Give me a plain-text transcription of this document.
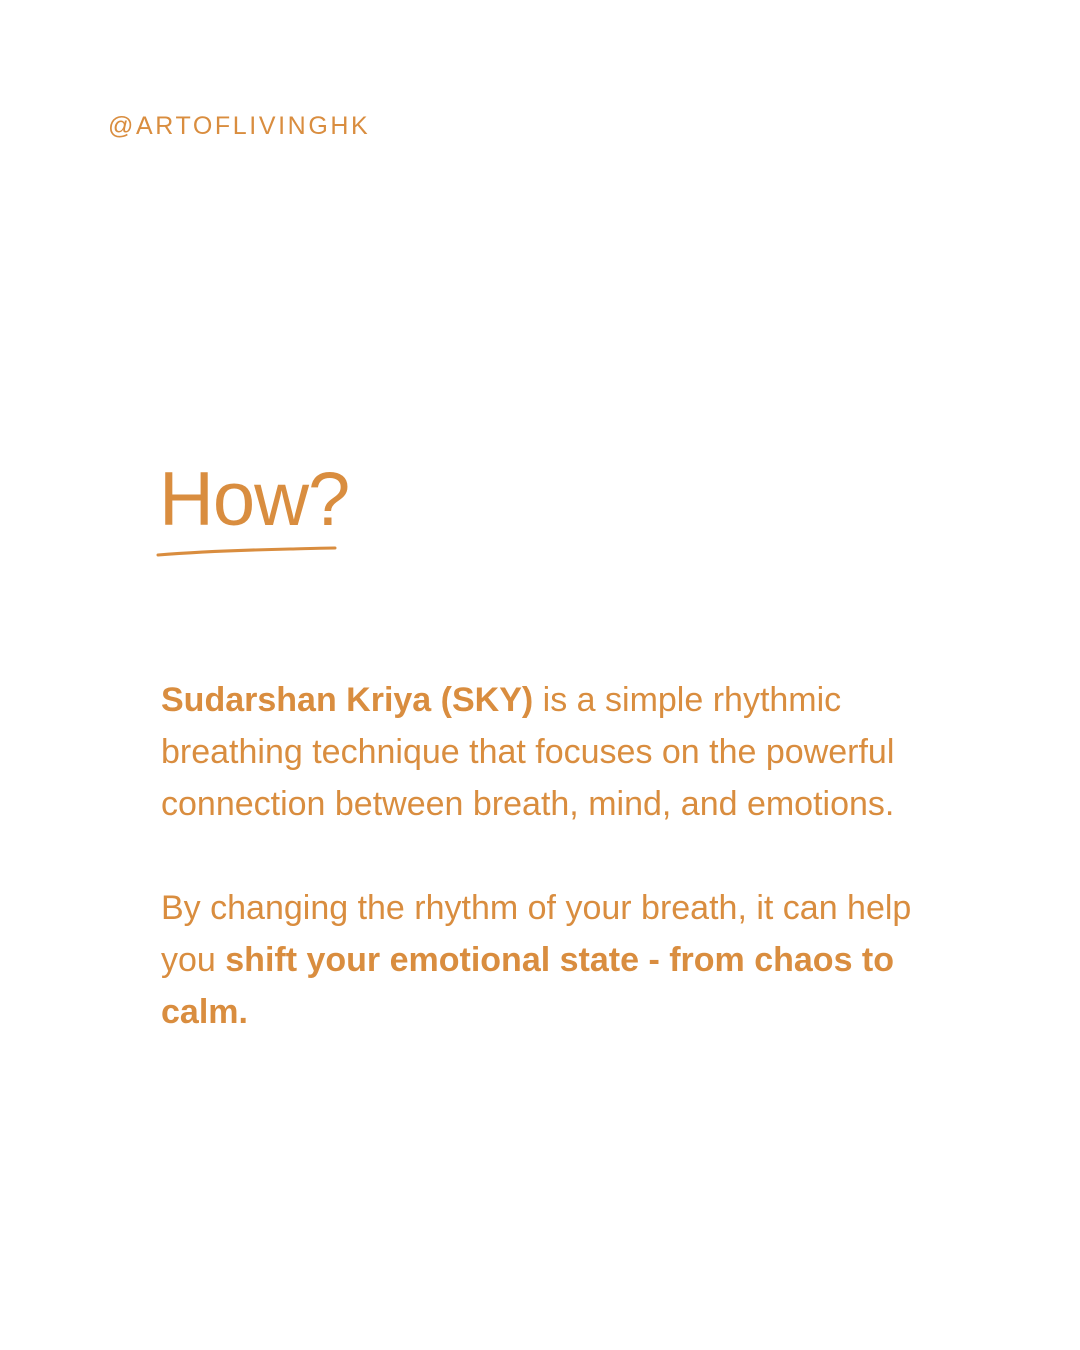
@ARTOFLIVINGHK
How?

Sudarshan Kriya (SKY) is a simple rhythmic breathing technique that focuses on the powerful connection between breath, mind, and emotions.

By changing the rhythm of your breath, it can help you shift your emotional state - from chaos to calm.
